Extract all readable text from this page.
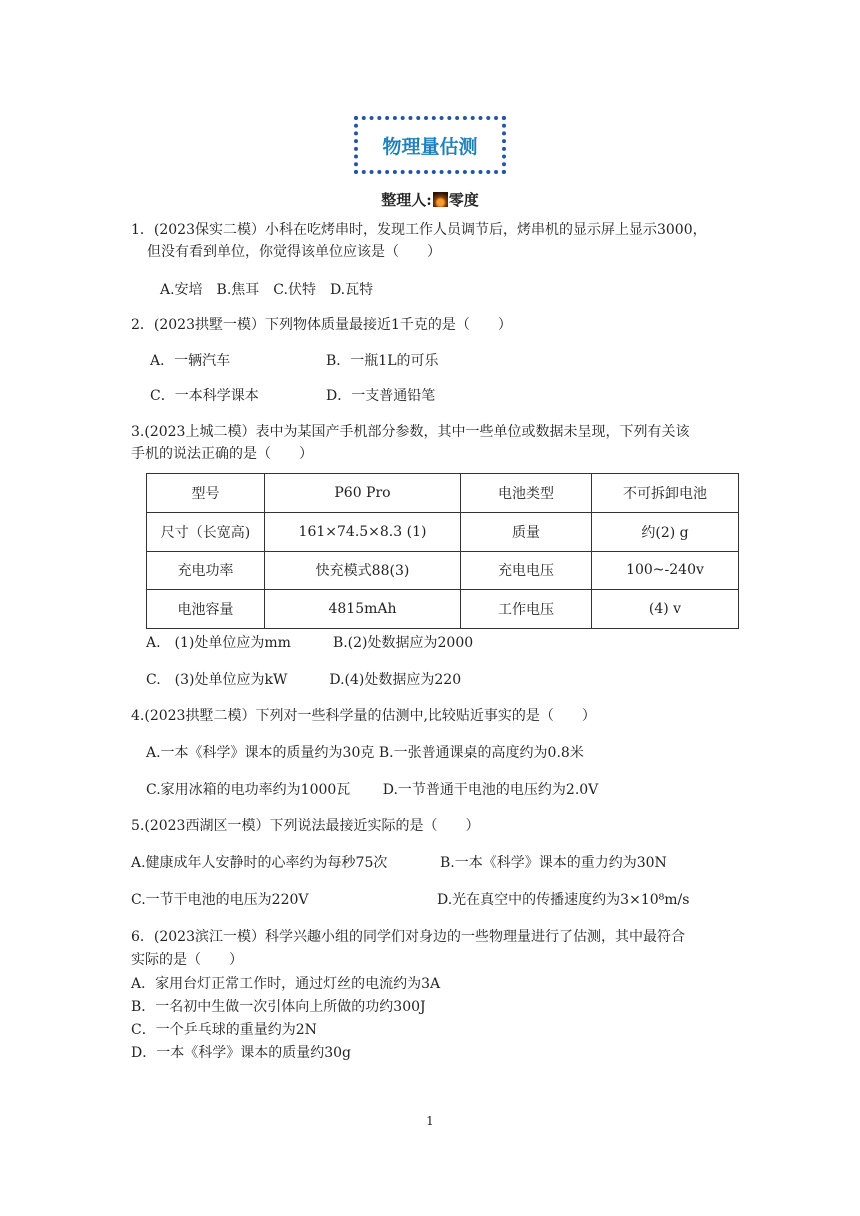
物理量估测
整理人: 零度
1．(2023保实二模）小科在吃烤串时，发现工作人员调节后，烤串机的显示屏上显示3000，
但没有看到单位，你觉得该单位应该是（　　）
A.安培　B.焦耳　C.伏特　D.瓦特
2．(2023拱墅一模）下列物体质量最接近1千克的是（　　）
A．一辆汽车	B．一瓶1L的可乐
C．一本科学课本	D．一支普通铅笔
3.(2023上城二模）表中为某国产手机部分参数，其中一些单位或数据未呈现，下列有关该
手机的说法正确的是（　　）
型号	P60 Pro	电池类型	不可拆卸电池
尺寸（长宽高)	161×74.5×8.3 (1)	质量	约(2) g
充电功率	快充模式88(3)	充电电压	100~-240v
电池容量	4815mAh	工作电压	(4) v
A.　(1)处单位应为mm　　　B.(2)处数据应为2000
C.　(3)处单位应为kW　　　D.(4)处数据应为220
4.(2023拱墅二模）下列对一些科学量的估测中,比较贴近事实的是（　　）
A.一本《科学》课本的质量约为30克 B.一张普通课桌的高度约为0.8米
C.家用冰箱的电功率约为1000瓦　　 D.一节普通干电池的电压约为2.0V
5.(2023西湖区一模）下列说法最接近实际的是（　　）
A.健康成年人安静时的心率约为每秒75次	B.一本《科学》课本的重力约为30N
C.一节干电池的电压为220V	D.光在真空中的传播速度约为3×10⁸m/s
6．(2023滨江一模）科学兴趣小组的同学们对身边的一些物理量进行了估测，其中最符合
实际的是（　　）
A．家用台灯正常工作时，通过灯丝的电流约为3A
B．一名初中生做一次引体向上所做的功约300J
C．一个乒乓球的重量约为2N
D．一本《科学》课本的质量约30g
1
